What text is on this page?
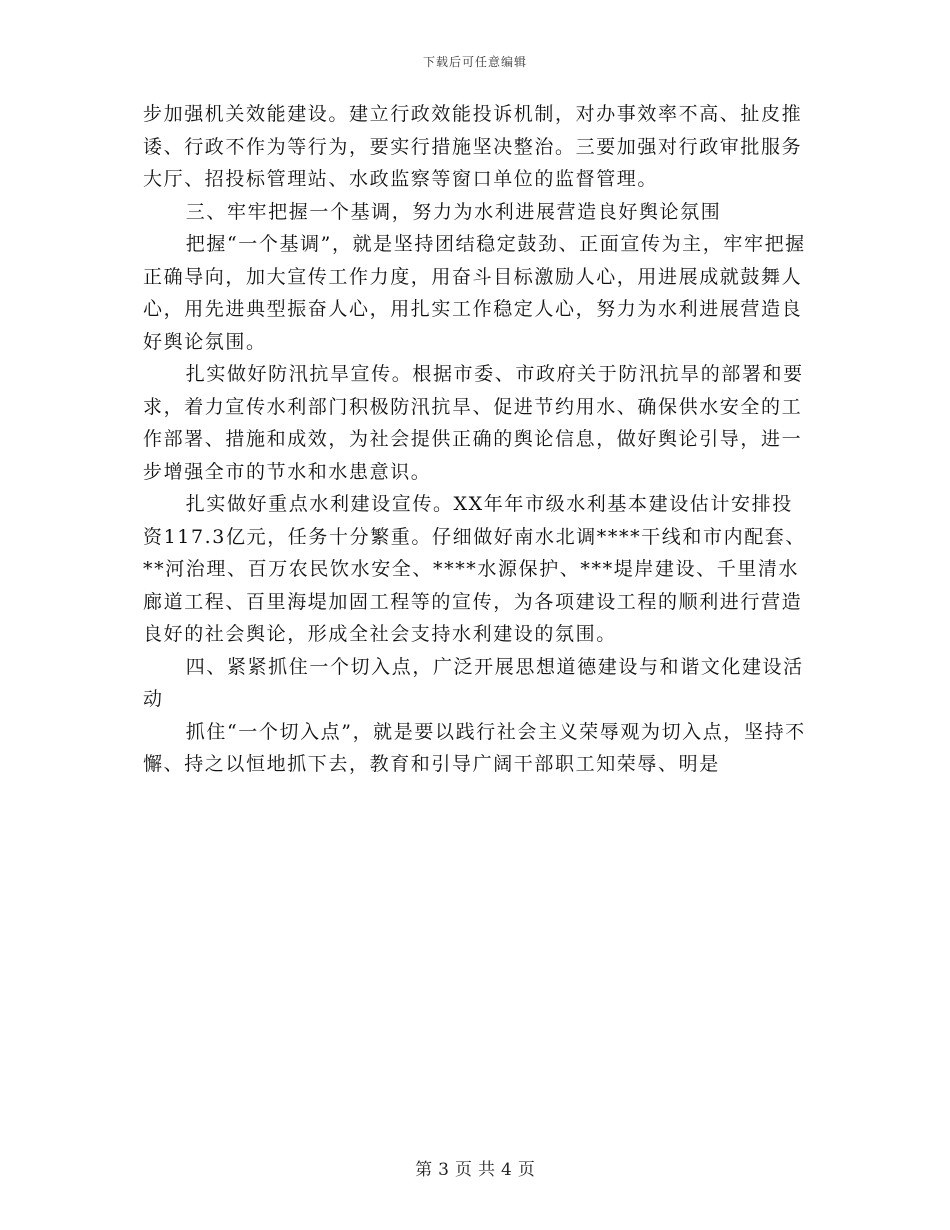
下载后可任意编辑

步加强机关效能建设。建立行政效能投诉机制，对办事效率不高、扯皮推诿、行政不作为等行为，要实行措施坚决整治。三要加强对行政审批服务大厅、招投标管理站、水政监察等窗口单位的监督管理。

三、牢牢把握一个基调，努力为水利进展营造良好舆论氛围

把握“一个基调”，就是坚持团结稳定鼓劲、正面宣传为主，牢牢把握正确导向，加大宣传工作力度，用奋斗目标激励人心，用进展成就鼓舞人心，用先进典型振奋人心，用扎实工作稳定人心，努力为水利进展营造良好舆论氛围。

扎实做好防汛抗旱宣传。根据市委、市政府关于防汛抗旱的部署和要求，着力宣传水利部门积极防汛抗旱、促进节约用水、确保供水安全的工作部署、措施和成效，为社会提供正确的舆论信息，做好舆论引导，进一步增强全市的节水和水患意识。

扎实做好重点水利建设宣传。XX年年市级水利基本建设估计安排投资117.3亿元，任务十分繁重。仔细做好南水北调****干线和市内配套、**河治理、百万农民饮水安全、****水源保护、***堤岸建设、千里清水廊道工程、百里海堤加固工程等的宣传，为各项建设工程的顺利进行营造良好的社会舆论，形成全社会支持水利建设的氛围。

四、紧紧抓住一个切入点，广泛开展思想道德建设与和谐文化建设活动

抓住“一个切入点”，就是要以践行社会主义荣辱观为切入点，坚持不懈、持之以恒地抓下去，教育和引导广阔干部职工知荣辱、明是

第 3 页 共 4 页
